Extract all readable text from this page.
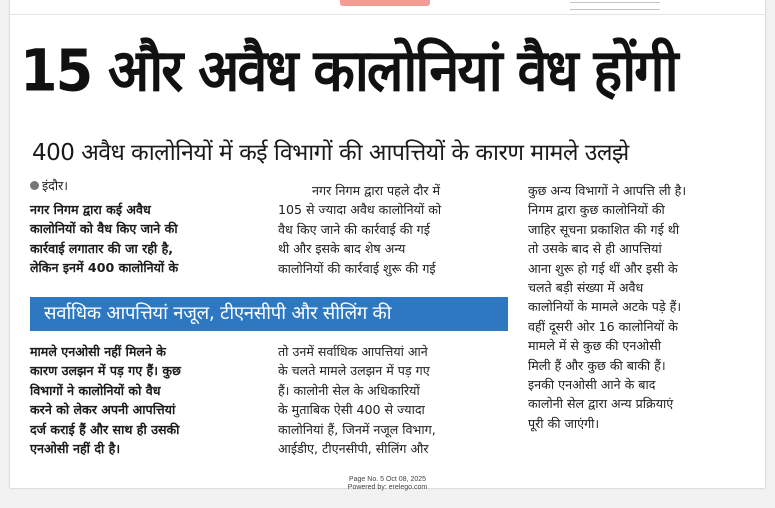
15 और अवैध कालोनियां वैध होंगी
400 अवैध कालोनियों में कई विभागों की आपत्तियों के कारण मामले उलझे
इंदौर।
नगर निगम द्वारा कई अवैध
कालोनियों को वैध किए जाने की
कार्रवाई लगातार की जा रही है,
लेकिन इनमें 400 कालोनियों के
नगर निगम द्वारा पहले दौर में
105 से ज्यादा अवैध कालोनियों को
वैध किए जाने की कार्रवाई की गई
थी और इसके बाद शेष अन्य
कालोनियों की कार्रवाई शुरू की गई
सर्वाधिक आपत्तियां नजूल, टीएनसीपी और सीलिंग की
मामले एनओसी नहीं मिलने के
कारण उलझन में पड़ गए हैं। कुछ
विभागों ने कालोनियों को वैध
करने को लेकर अपनी आपत्तियां
दर्ज कराई हैं और साथ ही उसकी
एनओसी नहीं दी है।
तो उनमें सर्वाधिक आपत्तियां आने
के चलते मामले उलझन में पड़ गए
हैं। कालोनी सेल के अधिकारियों
के मुताबिक ऐसी 400 से ज्यादा
कालोनियां हैं, जिनमें नजूल विभाग,
आईडीए, टीएनसीपी, सीलिंग और
कुछ अन्य विभागों ने आपत्ति ली है।
निगम द्वारा कुछ कालोनियों की
जाहिर सूचना प्रकाशित की गई थी
तो उसके बाद से ही आपत्तियां
आना शुरू हो गई थीं और इसी के
चलते बड़ी संख्या में अवैध
कालोनियों के मामले अटके पड़े हैं।
वहीं दूसरी ओर 16 कालोनियों के
मामले में से कुछ की एनओसी
मिली हैं और कुछ की बाकी हैं।
इनकी एनओसी आने के बाद
कालोनी सेल द्वारा अन्य प्रक्रियाएं
पूरी की जाएंगी।
Page No. 5 Oct 08, 2025
Powered by: erelego.com
